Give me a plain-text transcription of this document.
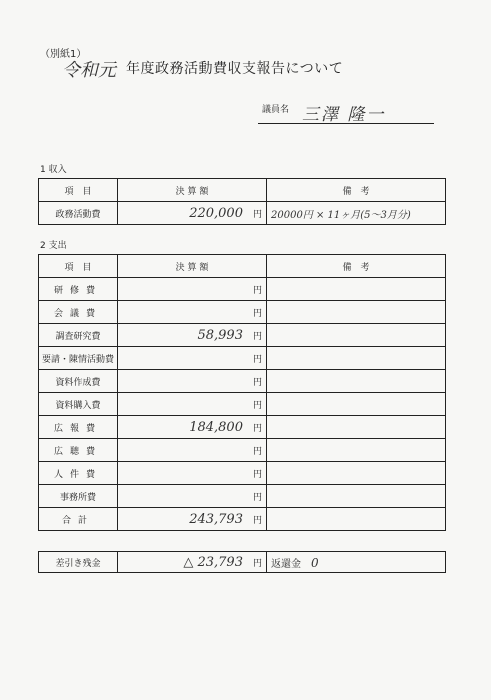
（別紙1）
令和元 年度政務活動費収支報告について
議員名 三澤 隆一
1 収入
項　目	決 算 額	備　考
政務活動費	220,000 円	20000円 × 11ヶ月(5～3月分)
2 支出
項　目	決 算 額	備　考
研修費	円	
会議費	円	
調査研究費	58,993 円	
要請・陳情活動費	円	
資料作成費	円	
資料購入費	円	
広報費	184,800 円	
広聴費	円	
人件費	円	
事務所費	円	
合計	243,793 円	
差引き残金	△ 23,793 円	返還金 0
